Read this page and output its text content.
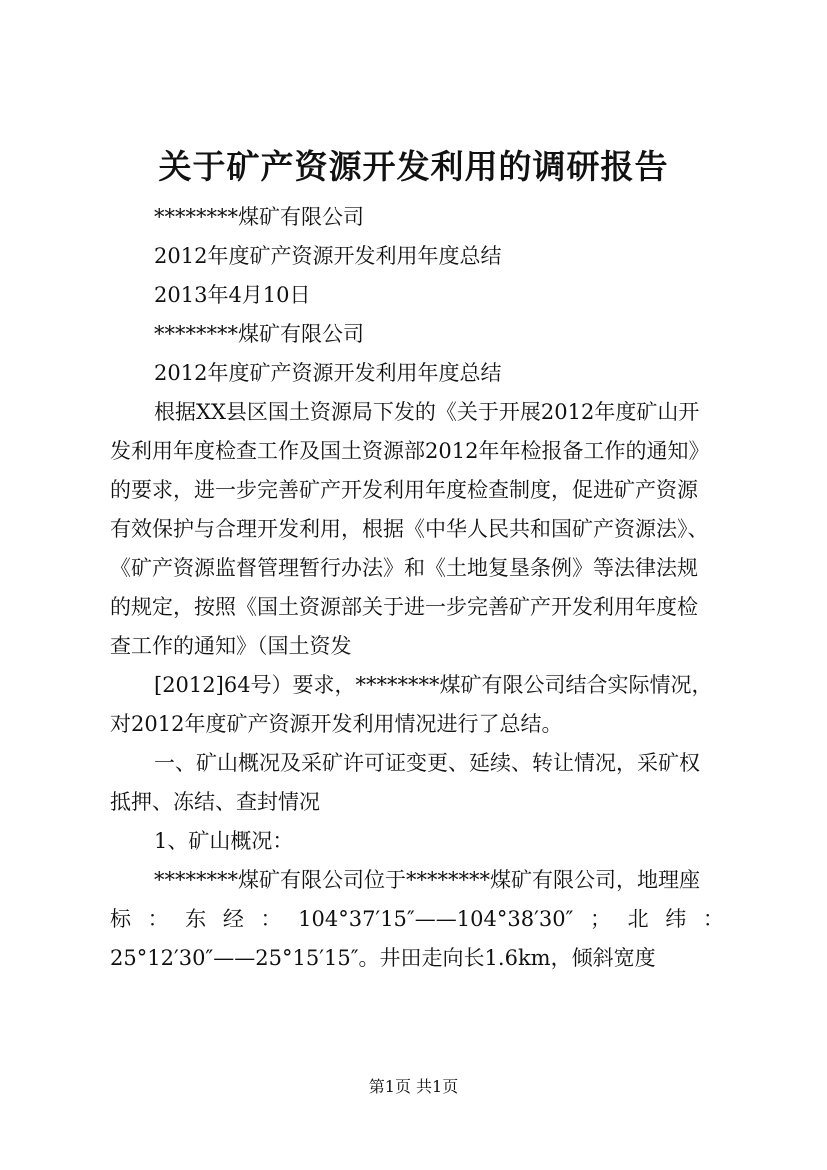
关于矿产资源开发利用的调研报告

********煤矿有限公司

2012年度矿产资源开发利用年度总结

2013年4月10日

********煤矿有限公司

2012年度矿产资源开发利用年度总结

根据XX县区国土资源局下发的《关于开展2012年度矿山开

发利用年度检查工作及国土资源部2012年年检报备工作的通知》

的要求，进一步完善矿产开发利用年度检查制度，促进矿产资源

有效保护与合理开发利用，根据《中华人民共和国矿产资源法》、

《矿产资源监督管理暂行办法》和《土地复垦条例》等法律法规

的规定，按照《国土资源部关于进一步完善矿产开发利用年度检

查工作的通知》（国土资发

[2012]64号）要求，********煤矿有限公司结合实际情况，

对2012年度矿产资源开发利用情况进行了总结。

一、矿山概况及采矿许可证变更、延续、转让情况，采矿权

抵押、冻结、查封情况

1、矿山概况：

********煤矿有限公司位于********煤矿有限公司，地理座

标 ： 东 经 ： 104°37′15″——104°38′30″ ； 北 纬 ：

25°12′30″——25°15′15″。井田走向长1.6km，倾斜宽度

第1页 共1页
